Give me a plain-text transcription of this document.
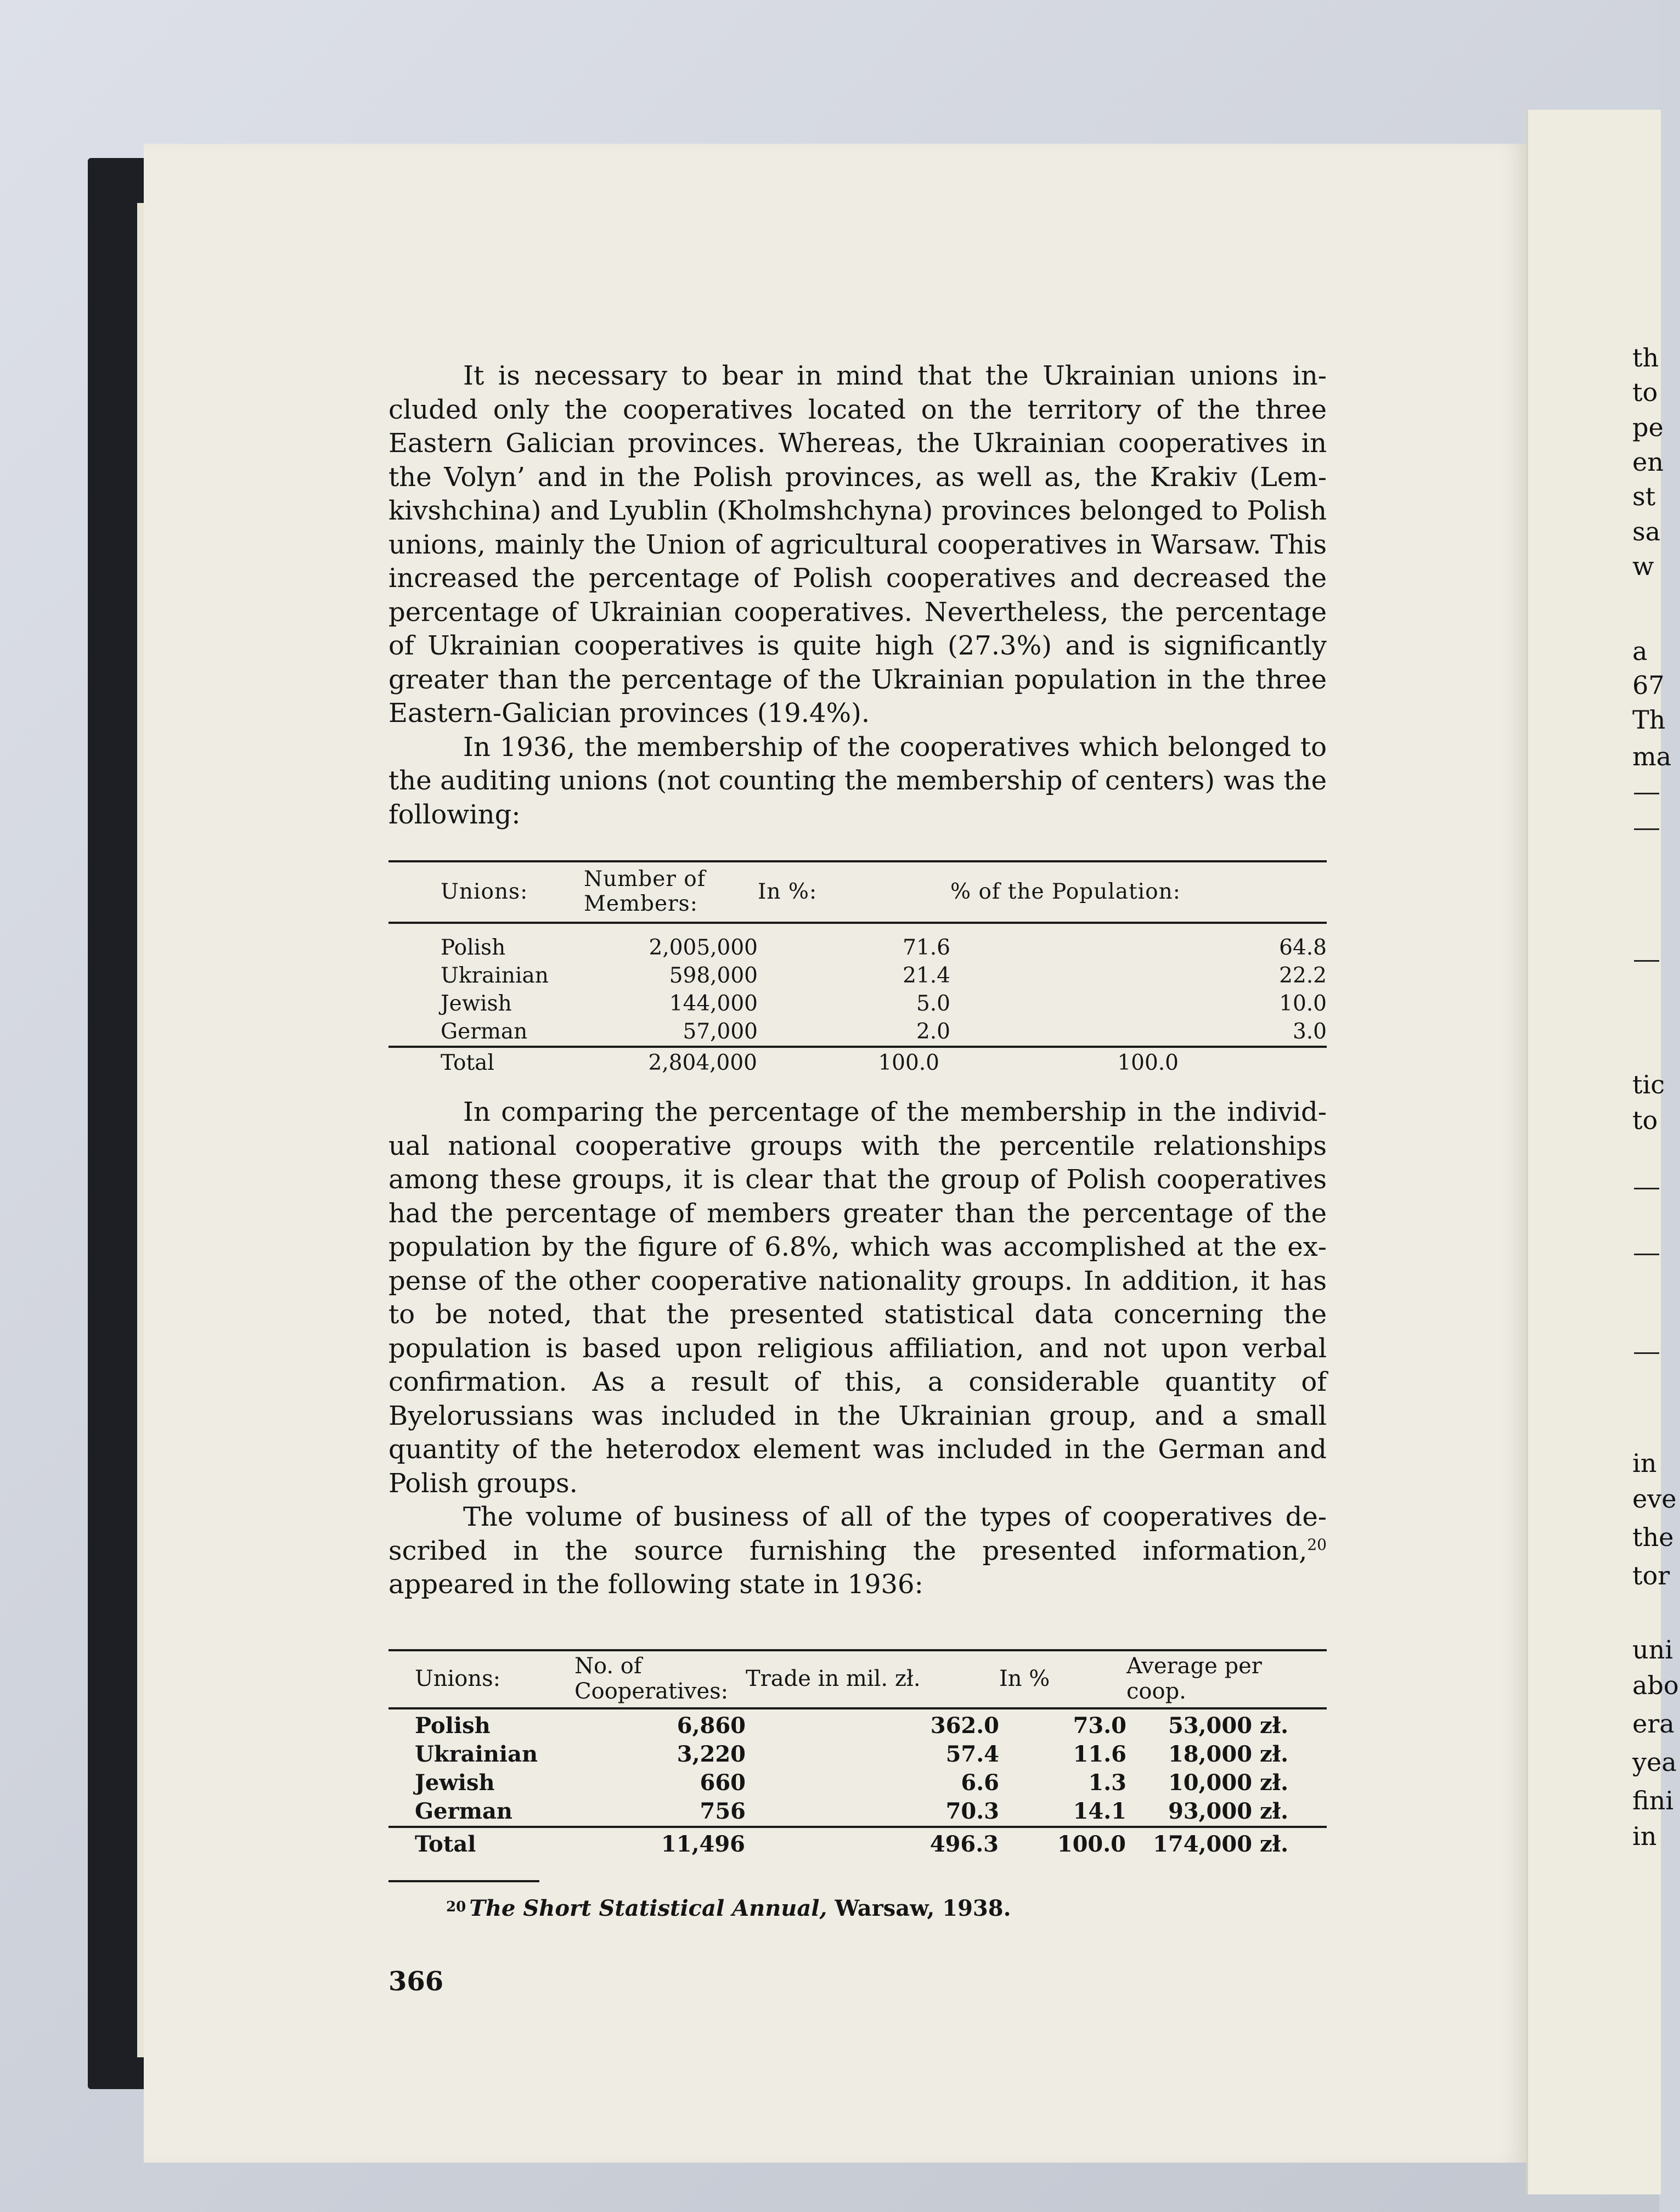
th
to
pe
en
st
sa
w
a
67
Th
ma
tic
to
in
eve
the
tor
uni
abo
era
yea
fini
in

It is necessary to bear in mind that the Ukrainian unions included only the cooperatives located on the territory of the three Eastern Galician provinces. Whereas, the Ukrainian cooperatives in the Volyn’ and in the Polish provinces, as well as, the Krakiv (Lemkivshchina) and Lyublin (Kholmshchyna) provinces belonged to Polish unions, mainly the Union of agricultural cooperatives in Warsaw. This increased the percentage of Polish cooperatives and decreased the percentage of Ukrainian cooperatives. Nevertheless, the percentage of Ukrainian cooperatives is quite high (27.3%) and is significantly greater than the percentage of the Ukrainian population in the three Eastern-Galician provinces (19.4%).

In 1936, the membership of the cooperatives which belonged to the auditing unions (not counting the membership of centers) was the following:

Unions:	Number of Members:	In %:	% of the Population:
Polish	2,005,000	71.6	64.8
Ukrainian	598,000	21.4	22.2
Jewish	144,000	5.0	10.0
German	57,000	2.0	3.0
Total	2,804,000	100.0	100.0

In comparing the percentage of the membership in the individual national cooperative groups with the percentile relationships among these groups, it is clear that the group of Polish cooperatives had the percentage of members greater than the percentage of the population by the figure of 6.8%, which was accomplished at the expense of the other cooperative nationality groups. In addition, it has to be noted, that the presented statistical data concerning the population is based upon religious affiliation, and not upon verbal confirmation. As a result of this, a considerable quantity of Byelorussians was included in the Ukrainian group, and a small quantity of the heterodox element was included in the German and Polish groups.

The volume of business of all of the types of cooperatives described in the source furnishing the presented information,$^{20}$ appeared in the following state in 1936:

Unions:	No. of Cooperatives:	Trade in mil. zł.	In %	Average per coop.
Polish	6,860	362.0	73.0	53,000 zł.
Ukrainian	3,220	57.4	11.6	18,000 zł.
Jewish	660	6.6	1.3	10,000 zł.
German	756	70.3	14.1	93,000 zł.
Total	11,496	496.3	100.0	174,000 zł.
$^{20}$ The Short Statistical Annual, Warsaw, 1938.
366
